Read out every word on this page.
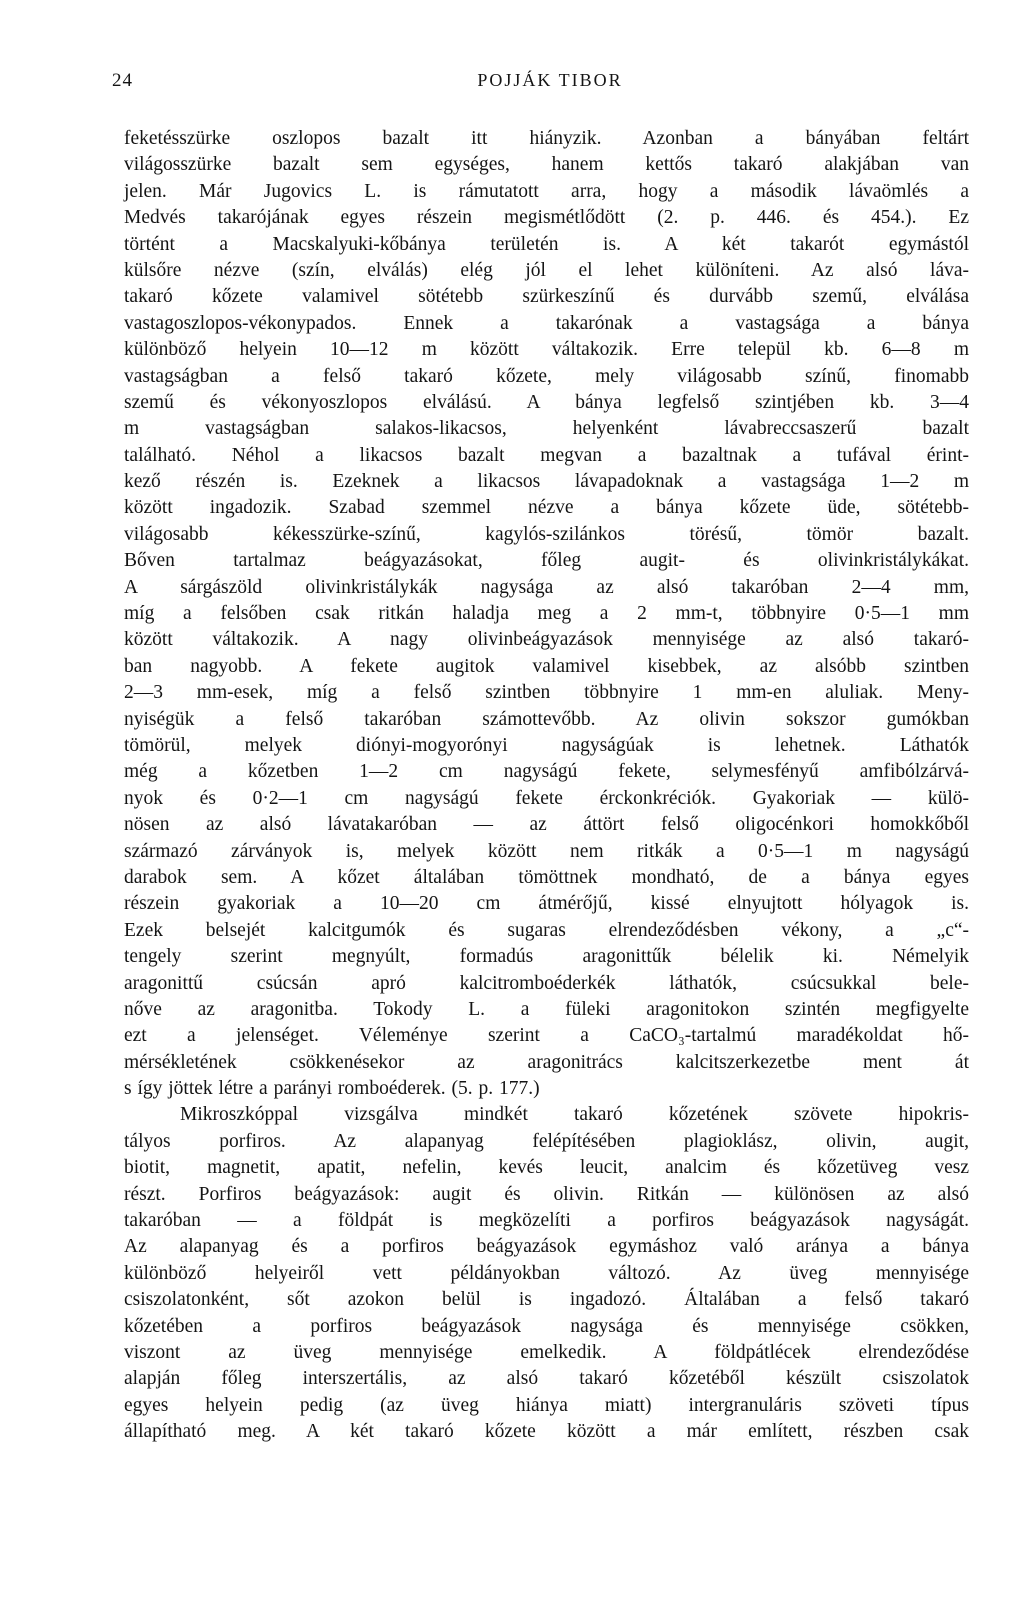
24	POJJÁK TIBOR
feketésszürke oszlopos bazalt itt hiányzik. Azonban a bányában feltárt
világosszürke bazalt sem egységes, hanem kettős takaró alakjában van
jelen. Már Jugovics L. is rámutatott arra, hogy a második lávaömlés a
Medvés takarójának egyes részein megismétlődött (2. p. 446. és 454.). Ez
történt a Macskalyuki-kőbánya területén is. A két takarót egymástól
külsőre nézve (szín, elválás) elég jól el lehet különíteni. Az alsó láva-
takaró kőzete valamivel sötétebb szürkeszínű és durvább szemű, elválása
vastagoszlopos-vékonypados. Ennek a takarónak a vastagsága a bánya
különböző helyein 10—12 m között váltakozik. Erre települ kb. 6—8 m
vastagságban a felső takaró kőzete, mely világosabb színű, finomabb
szemű és vékonyoszlopos elválású. A bánya legfelső szintjében kb. 3—4
m vastagságban salakos-likacsos, helyenként lávabreccsaszerű bazalt
található. Néhol a likacsos bazalt megvan a bazaltnak a tufával érint-
kező részén is. Ezeknek a likacsos lávapadoknak a vastagsága 1—2 m
között ingadozik. Szabad szemmel nézve a bánya kőzete üde, sötétebb-
világosabb kékesszürke-színű, kagylós-szilánkos törésű, tömör bazalt.
Bőven tartalmaz beágyazásokat, főleg augit- és olivinkristálykákat.
A sárgászöld olivinkristálykák nagysága az alsó takaróban 2—4 mm,
míg a felsőben csak ritkán haladja meg a 2 mm-t, többnyire 0·5—1 mm
között váltakozik. A nagy olivinbeágyazások mennyisége az alsó takaró-
ban nagyobb. A fekete augitok valamivel kisebbek, az alsóbb szintben
2—3 mm-esek, míg a felső szintben többnyire 1 mm-en aluliak. Meny-
nyiségük a felső takaróban számottevőbb. Az olivin sokszor gumókban
tömörül, melyek diónyi-mogyorónyi nagyságúak is lehetnek. Láthatók
még a kőzetben 1—2 cm nagyságú fekete, selymesfényű amfibólzárvá-
nyok és 0·2—1 cm nagyságú fekete érckonkréciók. Gyakoriak — külö-
nösen az alsó lávatakaróban — az áttört felső oligocénkori homokkőből
származó zárványok is, melyek között nem ritkák a 0·5—1 m nagyságú
darabok sem. A kőzet általában tömöttnek mondható, de a bánya egyes
részein gyakoriak a 10—20 cm átmérőjű, kissé elnyujtott hólyagok is.
Ezek belsejét kalcitgumók és sugaras elrendeződésben vékony, a „c“-
tengely szerint megnyúlt, formadús aragonittűk bélelik ki. Némelyik
aragonittű csúcsán apró kalcitromboéderkék láthatók, csúcsukkal bele-
nőve az aragonitba. Tokody L. a füleki aragonitokon szintén megfigyelte
ezt a jelenséget. Véleménye szerint a CaCO₃-tartalmú maradékoldat hő-
mérsékletének csökkenésekor az aragonitrács kalcitszerkezetbe ment át
s így jöttek létre a parányi romboéderek. (5. p. 177.)
Mikroszkóppal vizsgálva mindkét takaró kőzetének szövete hipokris-
tályos porfiros. Az alapanyag felépítésében plagioklász, olivin, augit,
biotit, magnetit, apatit, nefelin, kevés leucit, analcim és kőzetüveg vesz
részt. Porfiros beágyazások: augit és olivin. Ritkán — különösen az alsó
takaróban — a földpát is megközelíti a porfiros beágyazások nagyságát.
Az alapanyag és a porfiros beágyazások egymáshoz való aránya a bánya
különböző helyeiről vett példányokban változó. Az üveg mennyisége
csiszolatonként, sőt azokon belül is ingadozó. Általában a felső takaró
kőzetében a porfiros beágyazások nagysága és mennyisége csökken,
viszont az üveg mennyisége emelkedik. A földpátlécek elrendeződése
alapján főleg interszertális, az alsó takaró kőzetéből készült csiszolatok
egyes helyein pedig (az üveg hiánya miatt) intergranuláris szöveti típus
állapítható meg. A két takaró kőzete között a már említett, részben csak
